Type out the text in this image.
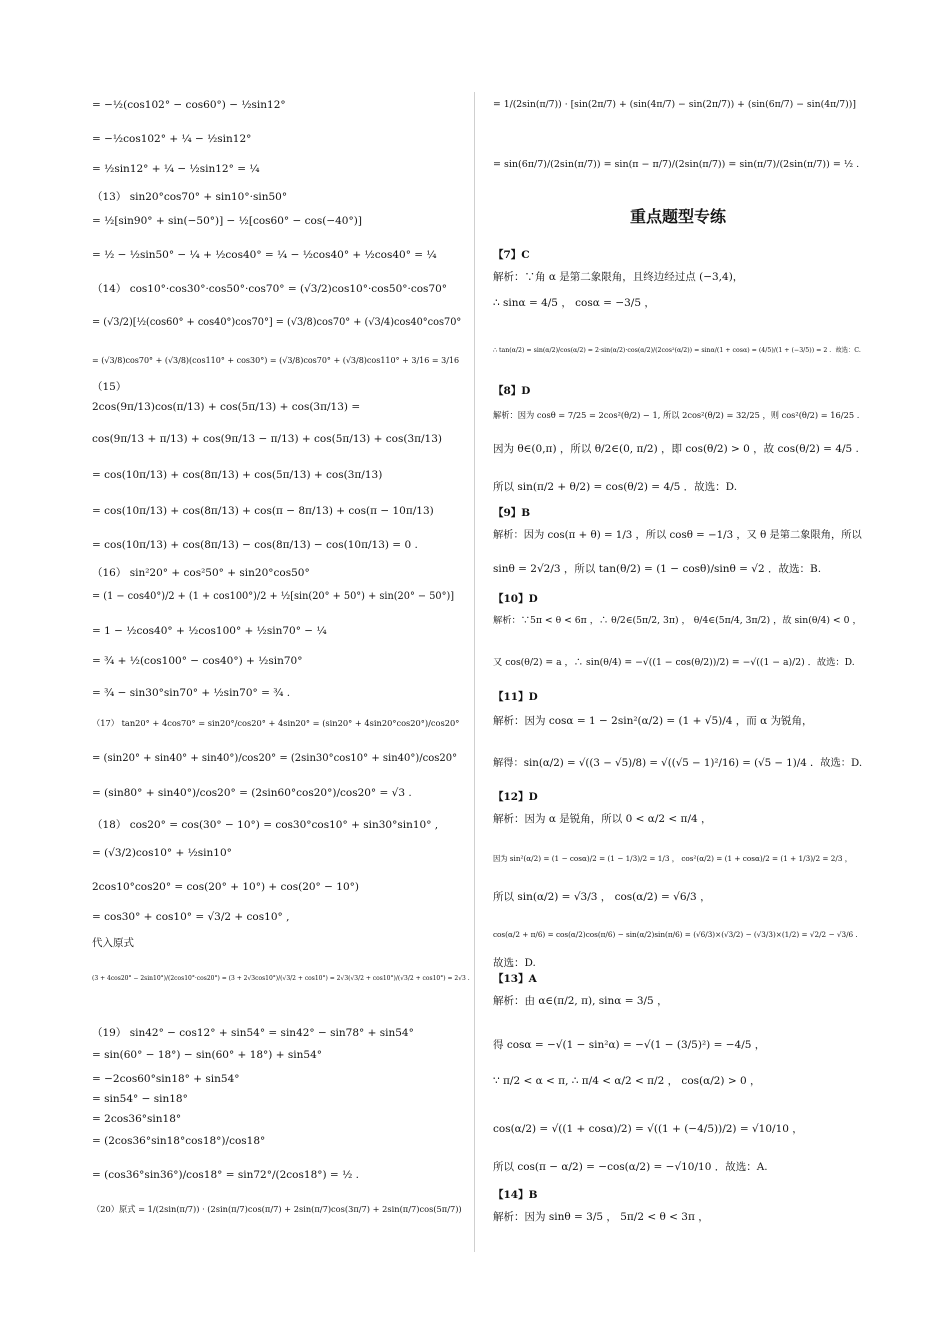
= −½(cos102° − cos60°) − ½sin12°
= −½cos102° + ¼ − ½sin12°
= ½sin12° + ¼ − ½sin12° = ¼
（13） sin20°cos70° + sin10°·sin50°
= ½[sin90° + sin(−50°)] − ½[cos60° − cos(−40°)]
= ½ − ½sin50° − ¼ + ½cos40° = ¼ − ½cos40° + ½cos40° = ¼
（14） cos10°·cos30°·cos50°·cos70° = (√3/2)cos10°·cos50°·cos70°
= (√3/2)[½(cos60° + cos40°)cos70°] = (√3/8)cos70° + (√3/4)cos40°cos70°
= (√3/8)cos70° + (√3/8)(cos110° + cos30°) = (√3/8)cos70° + (√3/8)cos110° + 3/16 = 3/16
（15）
2cos(9π/13)cos(π/13) + cos(5π/13) + cos(3π/13) =
cos(9π/13 + π/13) + cos(9π/13 − π/13) + cos(5π/13) + cos(3π/13)
= cos(10π/13) + cos(8π/13) + cos(5π/13) + cos(3π/13)
= cos(10π/13) + cos(8π/13) + cos(π − 8π/13) + cos(π − 10π/13)
= cos(10π/13) + cos(8π/13) − cos(8π/13) − cos(10π/13) = 0 .
（16） sin²20° + cos²50° + sin20°cos50°
= (1 − cos40°)/2 + (1 + cos100°)/2 + ½[sin(20° + 50°) + sin(20° − 50°)]
= 1 − ½cos40° + ½cos100° + ½sin70° − ¼
= ¾ + ½(cos100° − cos40°) + ½sin70°
= ¾ − sin30°sin70° + ½sin70° = ¾ .
（17） tan20° + 4cos70° = sin20°/cos20° + 4sin20° = (sin20° + 4sin20°cos20°)/cos20°
= (sin20° + sin40° + sin40°)/cos20° = (2sin30°cos10° + sin40°)/cos20°
= (sin80° + sin40°)/cos20° = (2sin60°cos20°)/cos20° = √3 .
（18） cos20° = cos(30° − 10°) = cos30°cos10° + sin30°sin10° ,
= (√3/2)cos10° + ½sin10°
2cos10°cos20° = cos(20° + 10°) + cos(20° − 10°)
= cos30° + cos10° = √3/2 + cos10° ,
代入原式
(3 + 4cos20° − 2sin10°)/(2cos10°·cos20°) = (3 + 2√3cos10°)/(√3/2 + cos10°) = 2√3(√3/2 + cos10°)/(√3/2 + cos10°) = 2√3 .
（19） sin42° − cos12° + sin54° = sin42° − sin78° + sin54°
= sin(60° − 18°) − sin(60° + 18°) + sin54°
= −2cos60°sin18° + sin54°
= sin54° − sin18°
= 2cos36°sin18°
= (2cos36°sin18°cos18°)/cos18°
= (cos36°sin36°)/cos18° = sin72°/(2cos18°) = ½ .
（20）原式 = 1/(2sin(π/7)) · (2sin(π/7)cos(π/7) + 2sin(π/7)cos(3π/7) + 2sin(π/7)cos(5π/7))
重点题型专练
= 1/(2sin(π/7)) · [sin(2π/7) + (sin(4π/7) − sin(2π/7)) + (sin(6π/7) − sin(4π/7))]
= sin(6π/7)/(2sin(π/7)) = sin(π − π/7)/(2sin(π/7)) = sin(π/7)/(2sin(π/7)) = ½ .
【7】C
解析：∵角 α 是第二象限角，且终边经过点 (−3,4)，
∴ sinα = 4/5 ， cosα = −3/5 ，
∴ tan(α/2) = sin(α/2)/cos(α/2) = 2·sin(α/2)·cos(α/2)/(2cos²(α/2)) = sinα/(1 + cosα) = (4/5)/(1 + (−3/5)) = 2 ．故选：C.
【8】D
解析：因为 cosθ = 7/25 = 2cos²(θ/2) − 1, 所以 2cos²(θ/2) = 32/25 ，则 cos²(θ/2) = 16/25 .
因为 θ∈(0,π) ，所以 θ/2∈(0, π/2) ，即 cos(θ/2) > 0 ，故 cos(θ/2) = 4/5 .
所以 sin(π/2 + θ/2) = cos(θ/2) = 4/5 ．故选：D.
【9】B
解析：因为 cos(π + θ) = 1/3 ，所以 cosθ = −1/3 ，又 θ 是第二象限角，所以
sinθ = 2√2/3 ，所以 tan(θ/2) = (1 − cosθ)/sinθ = √2 ．故选：B.
【10】D
解析：∵5π < θ < 6π ，∴ θ/2∈(5π/2, 3π) ， θ/4∈(5π/4, 3π/2) ，故 sin(θ/4) < 0 ，
又 cos(θ/2) = a ，∴ sin(θ/4) = −√((1 − cos(θ/2))/2) = −√((1 − a)/2) ．故选：D.
【11】D
解析：因为 cosα = 1 − 2sin²(α/2) = (1 + √5)/4 ，而 α 为锐角，
解得：sin(α/2) = √((3 − √5)/8) = √((√5 − 1)²/16) = (√5 − 1)/4 ．故选：D.
【12】D
解析：因为 α 是锐角，所以 0 < α/2 < π/4 ，
因为 sin²(α/2) = (1 − cosα)/2 = (1 − 1/3)/2 = 1/3 ， cos²(α/2) = (1 + cosα)/2 = (1 + 1/3)/2 = 2/3 ，
所以 sin(α/2) = √3/3 ， cos(α/2) = √6/3 ，
cos(α/2 + π/6) = cos(α/2)cos(π/6) − sin(α/2)sin(π/6) = (√6/3)×(√3/2) − (√3/3)×(1/2) = √2/2 − √3/6 .
故选：D.
【13】A
解析：由 α∈(π/2, π), sinα = 3/5 ，
得 cosα = −√(1 − sin²α) = −√(1 − (3/5)²) = −4/5 ，
∵ π/2 < α < π, ∴ π/4 < α/2 < π/2 ， cos(α/2) > 0 ，
cos(α/2) = √((1 + cosα)/2) = √((1 + (−4/5))/2) = √10/10 ，
所以 cos(π − α/2) = −cos(α/2) = −√10/10 ．故选：A.
【14】B
解析：因为 sinθ = 3/5 ， 5π/2 < θ < 3π ，
